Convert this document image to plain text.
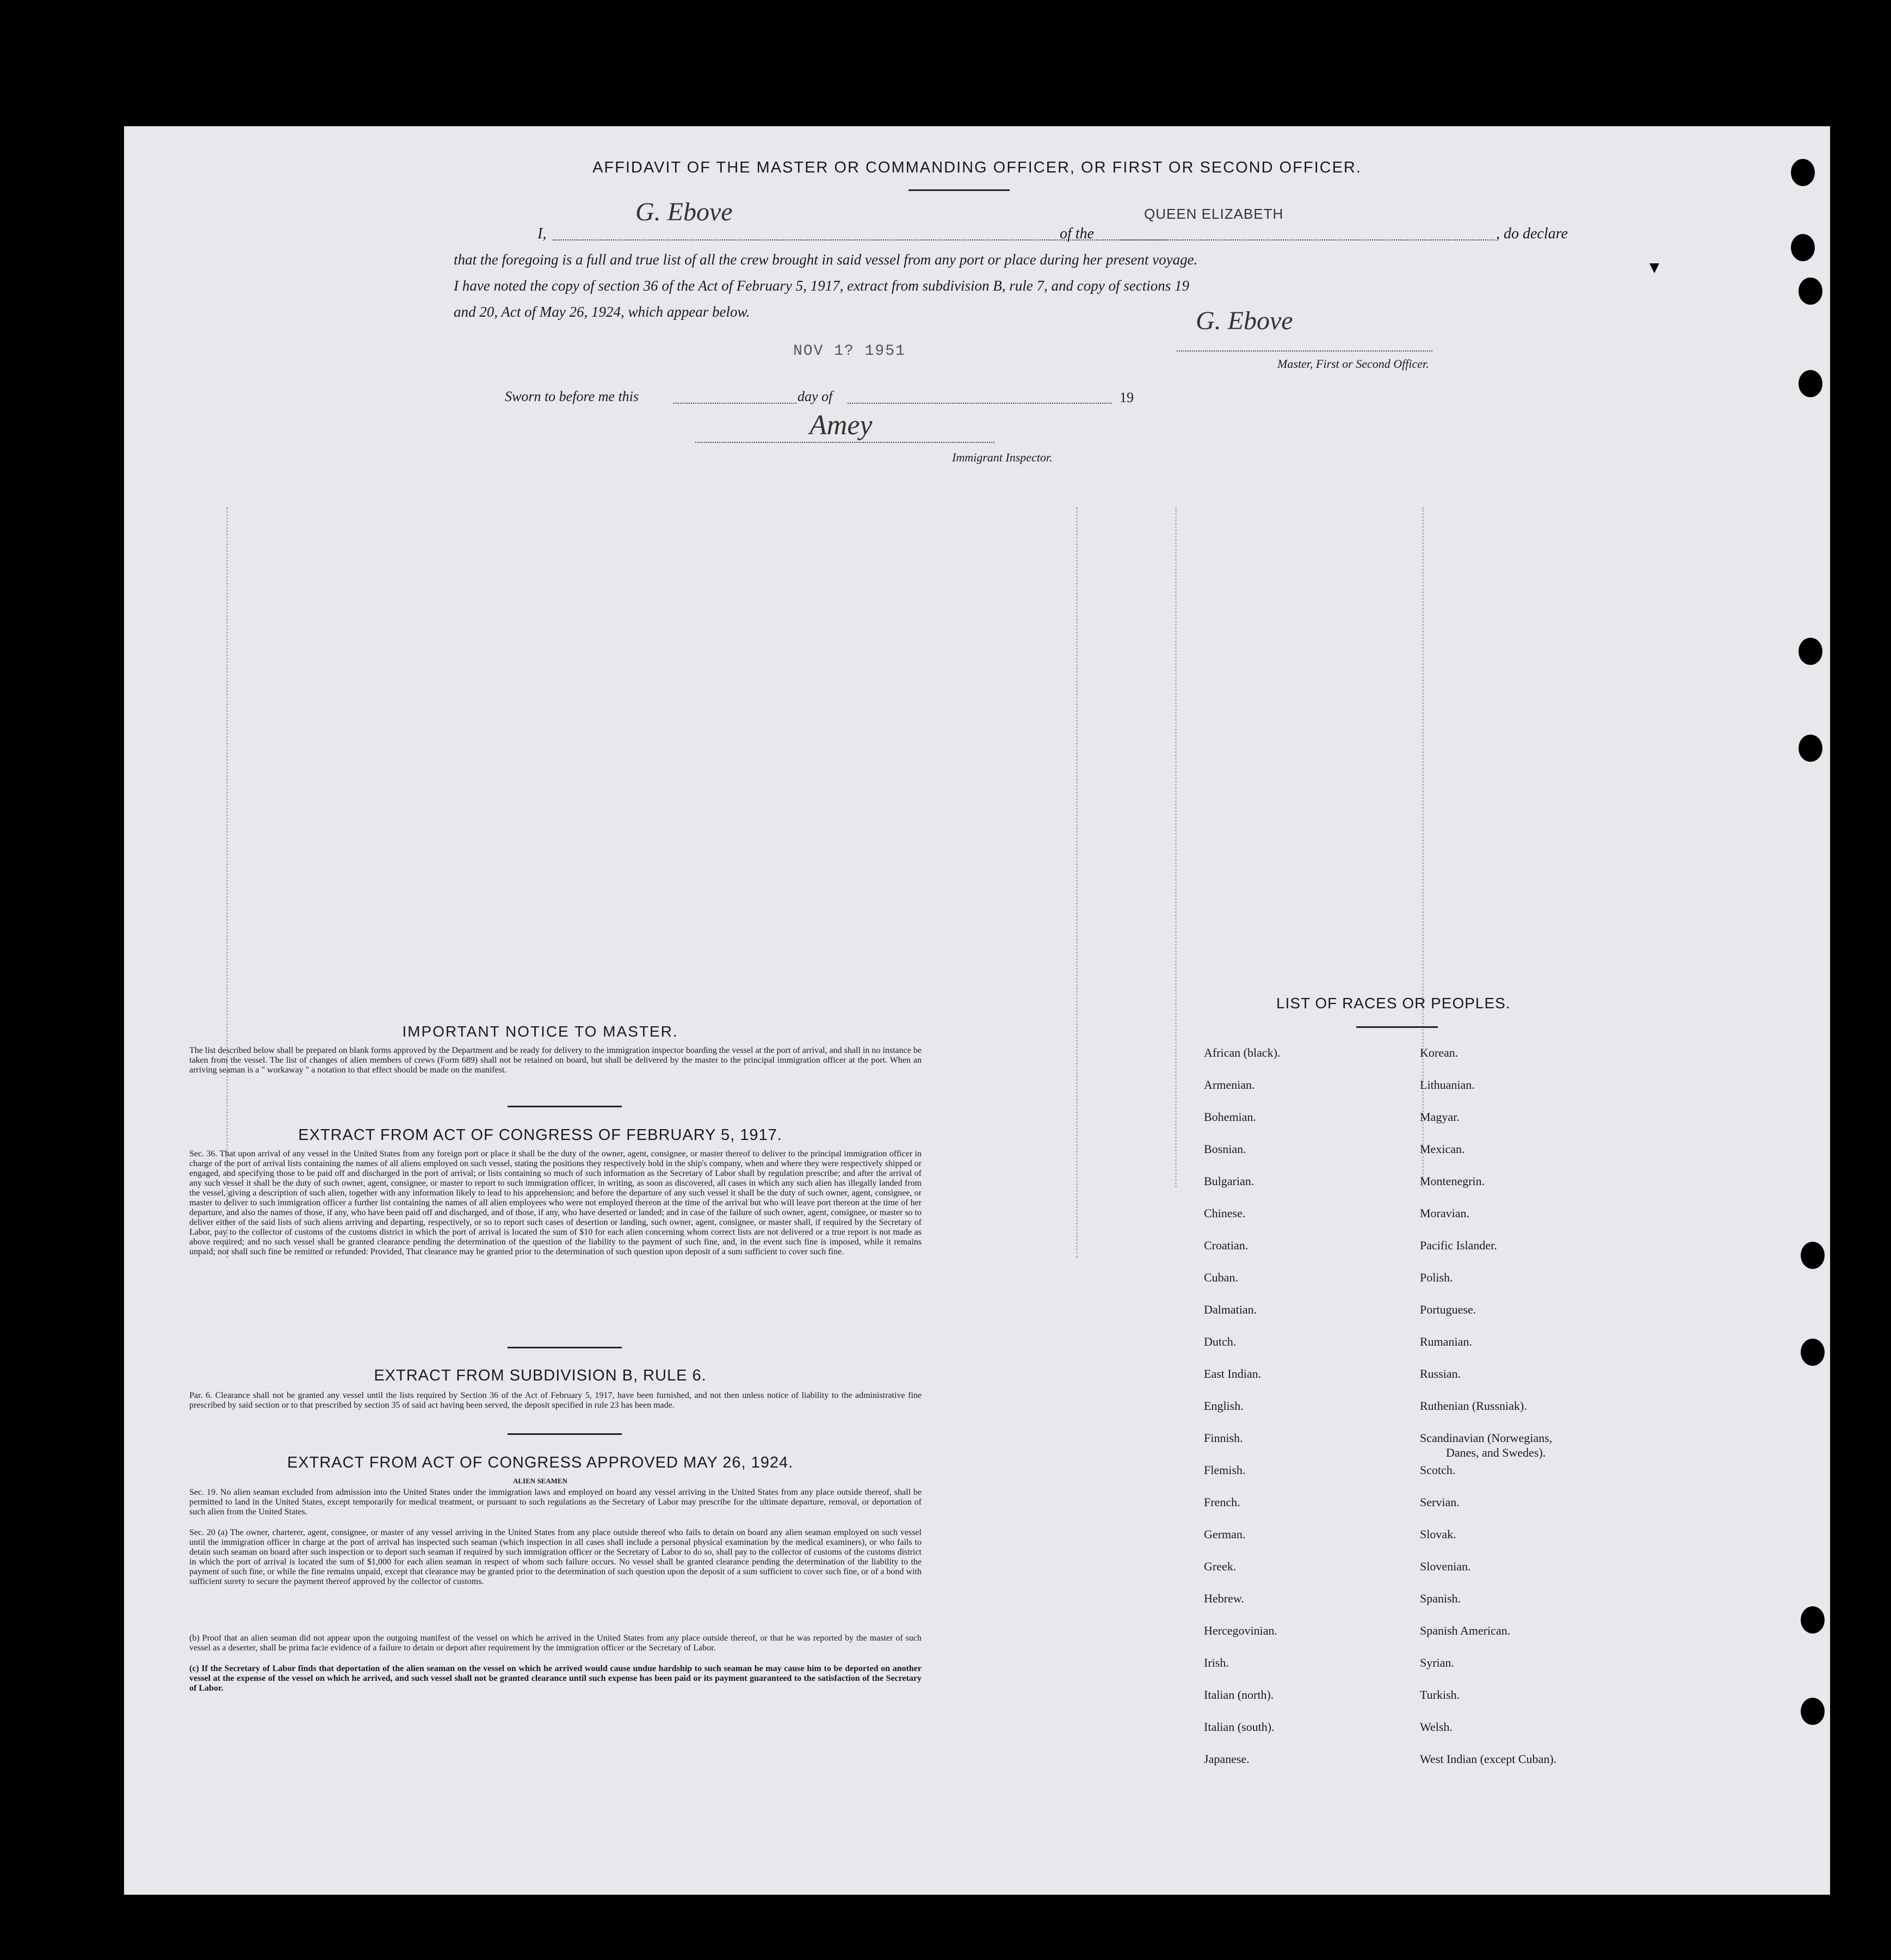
AFFIDAVIT OF THE MASTER OR COMMANDING OFFICER, OR FIRST OR SECOND OFFICER.
I,
G. Ebove
of the
QUEEN ELIZABETH
, do declare
that the foregoing is a full and true list of all the crew brought in said vessel from any port or place during her present voyage.
I have noted the copy of section 36 of the Act of February 5, 1917, extract from subdivision B, rule 7, and copy of sections 19
and 20, Act of May 26, 1924, which appear below.
NOV 1? 1951
G. Ebove
Master, First or Second Officer.
Sworn to before me this	day of	19
Amey
Immigrant Inspector.
IMPORTANT NOTICE TO MASTER.
The list described below shall be prepared on blank forms approved by the Department and be ready for delivery to the immigration inspector boarding the vessel at the port of arrival, and shall in no instance be taken from the vessel. The list of changes of alien members of crews (Form 689) shall not be retained on board, but shall be delivered by the master to the principal immigration officer at the port. When an arriving seaman is a " workaway " a notation to that effect should be made on the manifest.
EXTRACT FROM ACT OF CONGRESS OF FEBRUARY 5, 1917.
Sec. 36. That upon arrival of any vessel in the United States from any foreign port or place it shall be the duty of the owner, agent, consignee, or master thereof to deliver to the principal immigration officer in charge of the port of arrival lists containing the names of all aliens employed on such vessel, stating the positions they respectively hold in the ship's company, when and where they were respectively shipped or engaged, and specifying those to be paid off and discharged in the port of arrival; or lists containing so much of such information as the Secretary of Labor shall by regulation prescribe; and after the arrival of any such vessel it shall be the duty of such owner, agent, consignee, or master to report to such immigration officer, in writing, as soon as discovered, all cases in which any such alien has illegally landed from the vessel, giving a description of such alien, together with any information likely to lead to his apprehension; and before the departure of any such vessel it shall be the duty of such owner, agent, consignee, or master to deliver to such immigration officer a further list containing the names of all alien employees who were not employed thereon at the time of the arrival but who will leave port thereon at the time of her departure, and also the names of those, if any, who have been paid off and discharged, and of those, if any, who have deserted or landed; and in case of the failure of such owner, agent, consignee, or master so to deliver either of the said lists of such aliens arriving and departing, respectively, or so to report such cases of desertion or landing, such owner, agent, consignee, or master shall, if required by the Secretary of Labor, pay to the collector of customs of the customs district in which the port of arrival is located the sum of $10 for each alien concerning whom correct lists are not delivered or a true report is not made as above required; and no such vessel shall be granted clearance pending the determination of the question of the liability to the payment of such fine, and, in the event such fine is imposed, while it remains unpaid; nor shall such fine be remitted or refunded: Provided, That clearance may be granted prior to the determination of such question upon deposit of a sum sufficient to cover such fine.
EXTRACT FROM SUBDIVISION B, RULE 6.
Par. 6. Clearance shall not be granted any vessel until the lists required by Section 36 of the Act of February 5, 1917, have been furnished, and not then unless notice of liability to the administrative fine prescribed by said section or to that prescribed by section 35 of said act having been served, the deposit specified in rule 23 has been made.
EXTRACT FROM ACT OF CONGRESS APPROVED MAY 26, 1924.
ALIEN SEAMEN
Sec. 19. No alien seaman excluded from admission into the United States under the immigration laws and employed on board any vessel arriving in the United States from any place outside thereof, shall be permitted to land in the United States, except temporarily for medical treatment, or pursuant to such regulations as the Secretary of Labor may prescribe for the ultimate departure, removal, or deportation of such alien from the United States.
Sec. 20 (a) The owner, charterer, agent, consignee, or master of any vessel arriving in the United States from any place outside thereof who fails to detain on board any alien seaman employed on such vessel until the immigration officer in charge at the port of arrival has inspected such seaman (which inspection in all cases shall include a personal physical examination by the medical examiners), or who fails to detain such seaman on board after such inspection or to deport such seaman if required by such immigration officer or the Secretary of Labor to do so, shall pay to the collector of customs of the customs district in which the port of arrival is located the sum of $1,000 for each alien seaman in respect of whom such failure occurs. No vessel shall be granted clearance pending the determination of the liability to the payment of such fine, or while the fine remains unpaid, except that clearance may be granted prior to the determination of such question upon the deposit of a sum sufficient to cover such fine, or of a bond with sufficient surety to secure the payment thereof approved by the collector of customs.
(b) Proof that an alien seaman did not appear upon the outgoing manifest of the vessel on which he arrived in the United States from any place outside thereof, or that he was reported by the master of such vessel as a deserter, shall be prima facie evidence of a failure to detain or deport after requirement by the immigration officer or the Secretary of Labor.
(c) If the Secretary of Labor finds that deportation of the alien seaman on the vessel on which he arrived would cause undue hardship to such seaman he may cause him to be deported on another vessel at the expense of the vessel on which he arrived, and such vessel shall not be granted clearance until such expense has been paid or its payment guaranteed to the satisfaction of the Secretary of Labor.
LIST OF RACES OR PEOPLES.
African (black).
Armenian.
Bohemian.
Bosnian.
Bulgarian.
Chinese.
Croatian.
Cuban.
Dalmatian.
Dutch.
East Indian.
English.
Finnish.
Flemish.
French.
German.
Greek.
Hebrew.
Hercegovinian.
Irish.
Italian (north).
Italian (south).
Japanese.
Korean.
Lithuanian.
Magyar.
Mexican.
Montenegrin.
Moravian.
Pacific Islander.
Polish.
Portuguese.
Rumanian.
Russian.
Ruthenian (Russniak).
Scandinavian (Norwegians,
Danes, and Swedes).
Scotch.
Servian.
Slovak.
Slovenian.
Spanish.
Spanish American.
Syrian.
Turkish.
Welsh.
West Indian (except Cuban).
